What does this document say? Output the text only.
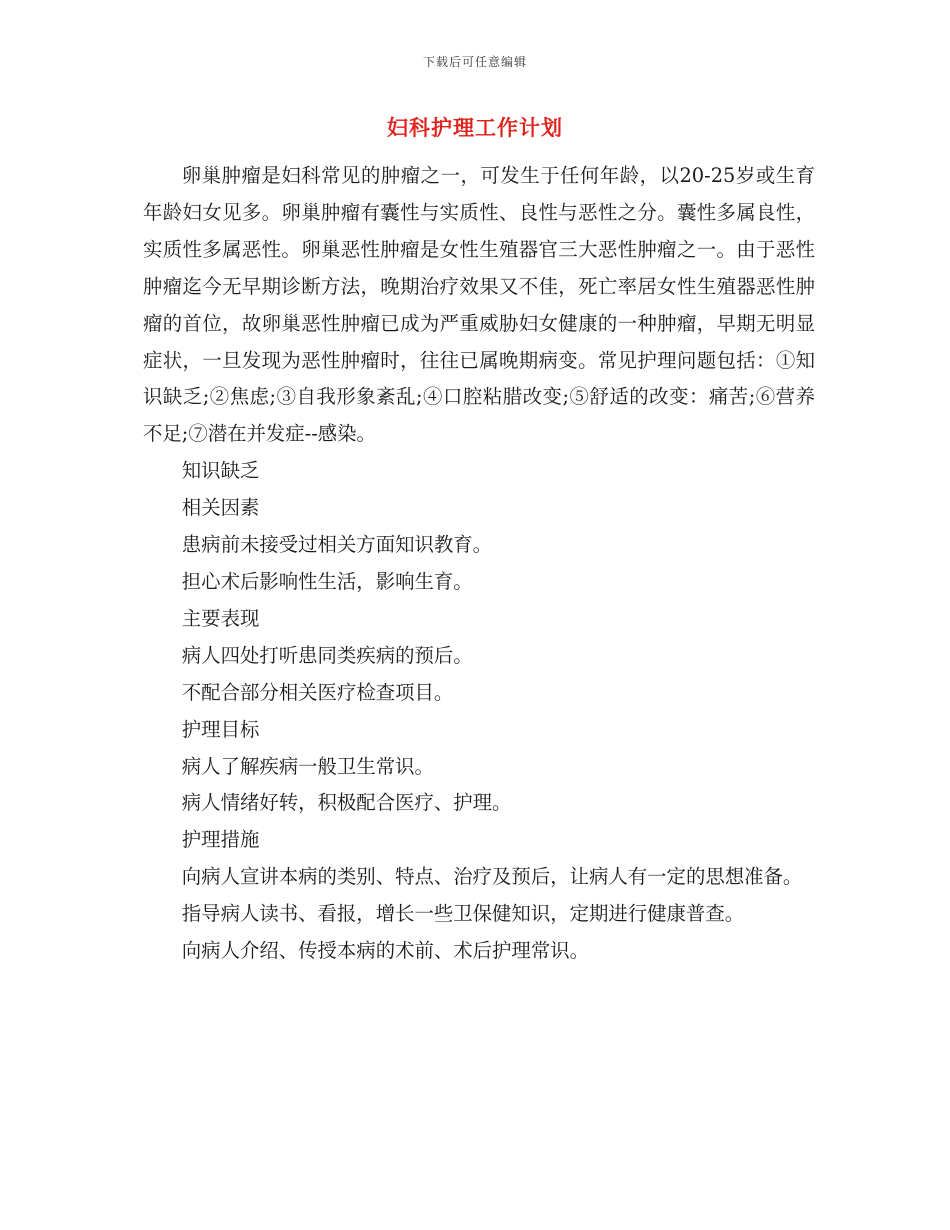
下载后可任意编辑
妇科护理工作计划

卵巢肿瘤是妇科常见的肿瘤之一，可发生于任何年龄，以20-25岁或生育年龄妇女见多。卵巢肿瘤有囊性与实质性、良性与恶性之分。囊性多属良性，实质性多属恶性。卵巢恶性肿瘤是女性生殖器官三大恶性肿瘤之一。由于恶性肿瘤迄今无早期诊断方法，晚期治疗效果又不佳，死亡率居女性生殖器恶性肿瘤的首位，故卵巢恶性肿瘤已成为严重威胁妇女健康的一种肿瘤，早期无明显症状，一旦发现为恶性肿瘤时，往往已属晚期病变。常见护理问题包括：①知识缺乏;②焦虑;③自我形象紊乱;④口腔粘腊改变;⑤舒适的改变：痛苦;⑥营养不足;⑦潜在并发症--感染。

知识缺乏

相关因素

患病前未接受过相关方面知识教育。

担心术后影响性生活，影响生育。

主要表现

病人四处打听患同类疾病的预后。

不配合部分相关医疗检查项目。

护理目标

病人了解疾病一般卫生常识。

病人情绪好转，积极配合医疗、护理。

护理措施

向病人宣讲本病的类别、特点、治疗及预后，让病人有一定的思想准备。

指导病人读书、看报，增长一些卫保健知识，定期进行健康普查。

向病人介绍、传授本病的术前、术后护理常识。
